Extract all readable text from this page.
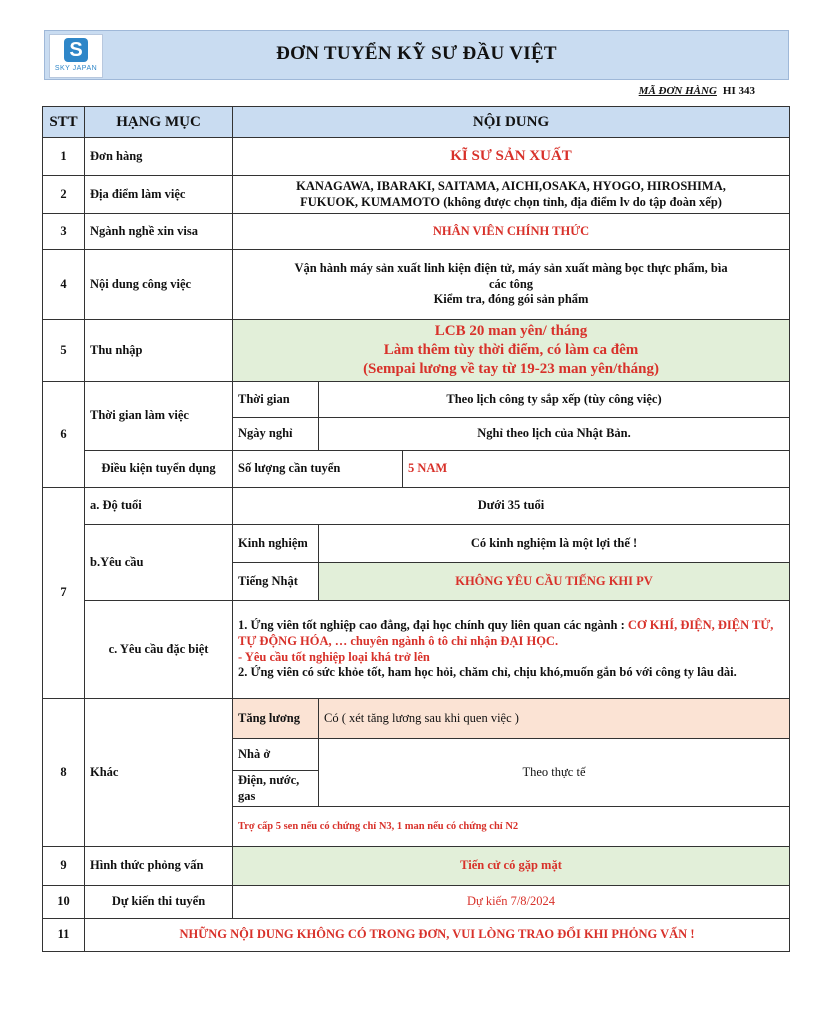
S
SKY JAPAN
ĐƠN TUYỂN KỸ SƯ ĐẦU VIỆT
MÃ ĐƠN HÀNG HI 343
STT	HẠNG MỤC	NỘI DUNG		
1	Đơn hàng	KĨ SƯ SẢN XUẤT		
2	Địa điểm làm việc	KANAGAWA, IBARAKI, SAITAMA, AICHI,OSAKA, HYOGO, HIROSHIMA,
FUKUOK, KUMAMOTO (không được chọn tỉnh, địa điểm lv do tập đoàn xếp)		

3	Ngành nghề xin visa	NHÂN VIÊN CHÍNH THỨC		
4	Nội dung công việc	Vận hành máy sản xuất linh kiện điện tử, máy sản xuất màng bọc thực phẩm, bìa
các tông
Kiểm tra, đóng gói sản phẩm		

5	Thu nhập	LCB 20 man yên/ tháng
Làm thêm tùy thời điểm, có làm ca đêm
(Sempai lương về tay từ 19-23 man yên/tháng)		

6	Thời gian làm việc	Thời gian	Theo lịch công ty sắp xếp (tùy công việc)	
		Ngày nghỉ	Nghỉ theo lịch của Nhật Bản.	
	Điều kiện tuyển dụng	Số lượng cần tuyển		5 NAM
7	a. Độ tuổi	Dưới 35 tuổi		
	b.Yêu cầu	Kinh nghiệm	Có kinh nghiệm là một lợi thế !	
		Tiếng Nhật	KHÔNG YÊU CẦU TIẾNG KHI PV	
	c. Yêu cầu đặc biệt	1. Ứng viên tốt nghiệp cao đẳng, đại học chính quy liên quan các ngành : CƠ KHÍ, ĐIỆN, ĐIỆN TỬ, TỰ ĐỘNG HÓA, … chuyên ngành ô tô chỉ nhận ĐẠI HỌC.
- Yêu cầu tốt nghiệp loại khá trở lên
2. Ứng viên có sức khỏe tốt, ham học hỏi, chăm chỉ, chịu khó,muốn gắn bó với công ty lâu dài.		

8	Khác	Tăng lương	Có ( xét tăng lương sau khi quen việc )	
		Nhà ở	Theo thực tế	
		Điện, nước, gas		
		Trợ cấp 5 sen nếu có chứng chỉ N3, 1 man nếu có chứng chỉ N2		
9	Hình thức phỏng vấn	Tiến cử có gặp mặt		
10	Dự kiến thi tuyển	Dự kiến 7/8/2024		
11	NHỮNG NỘI DUNG KHÔNG CÓ TRONG ĐƠN, VUI LÒNG TRAO ĐỔI KHI PHỎNG VẤN !			
